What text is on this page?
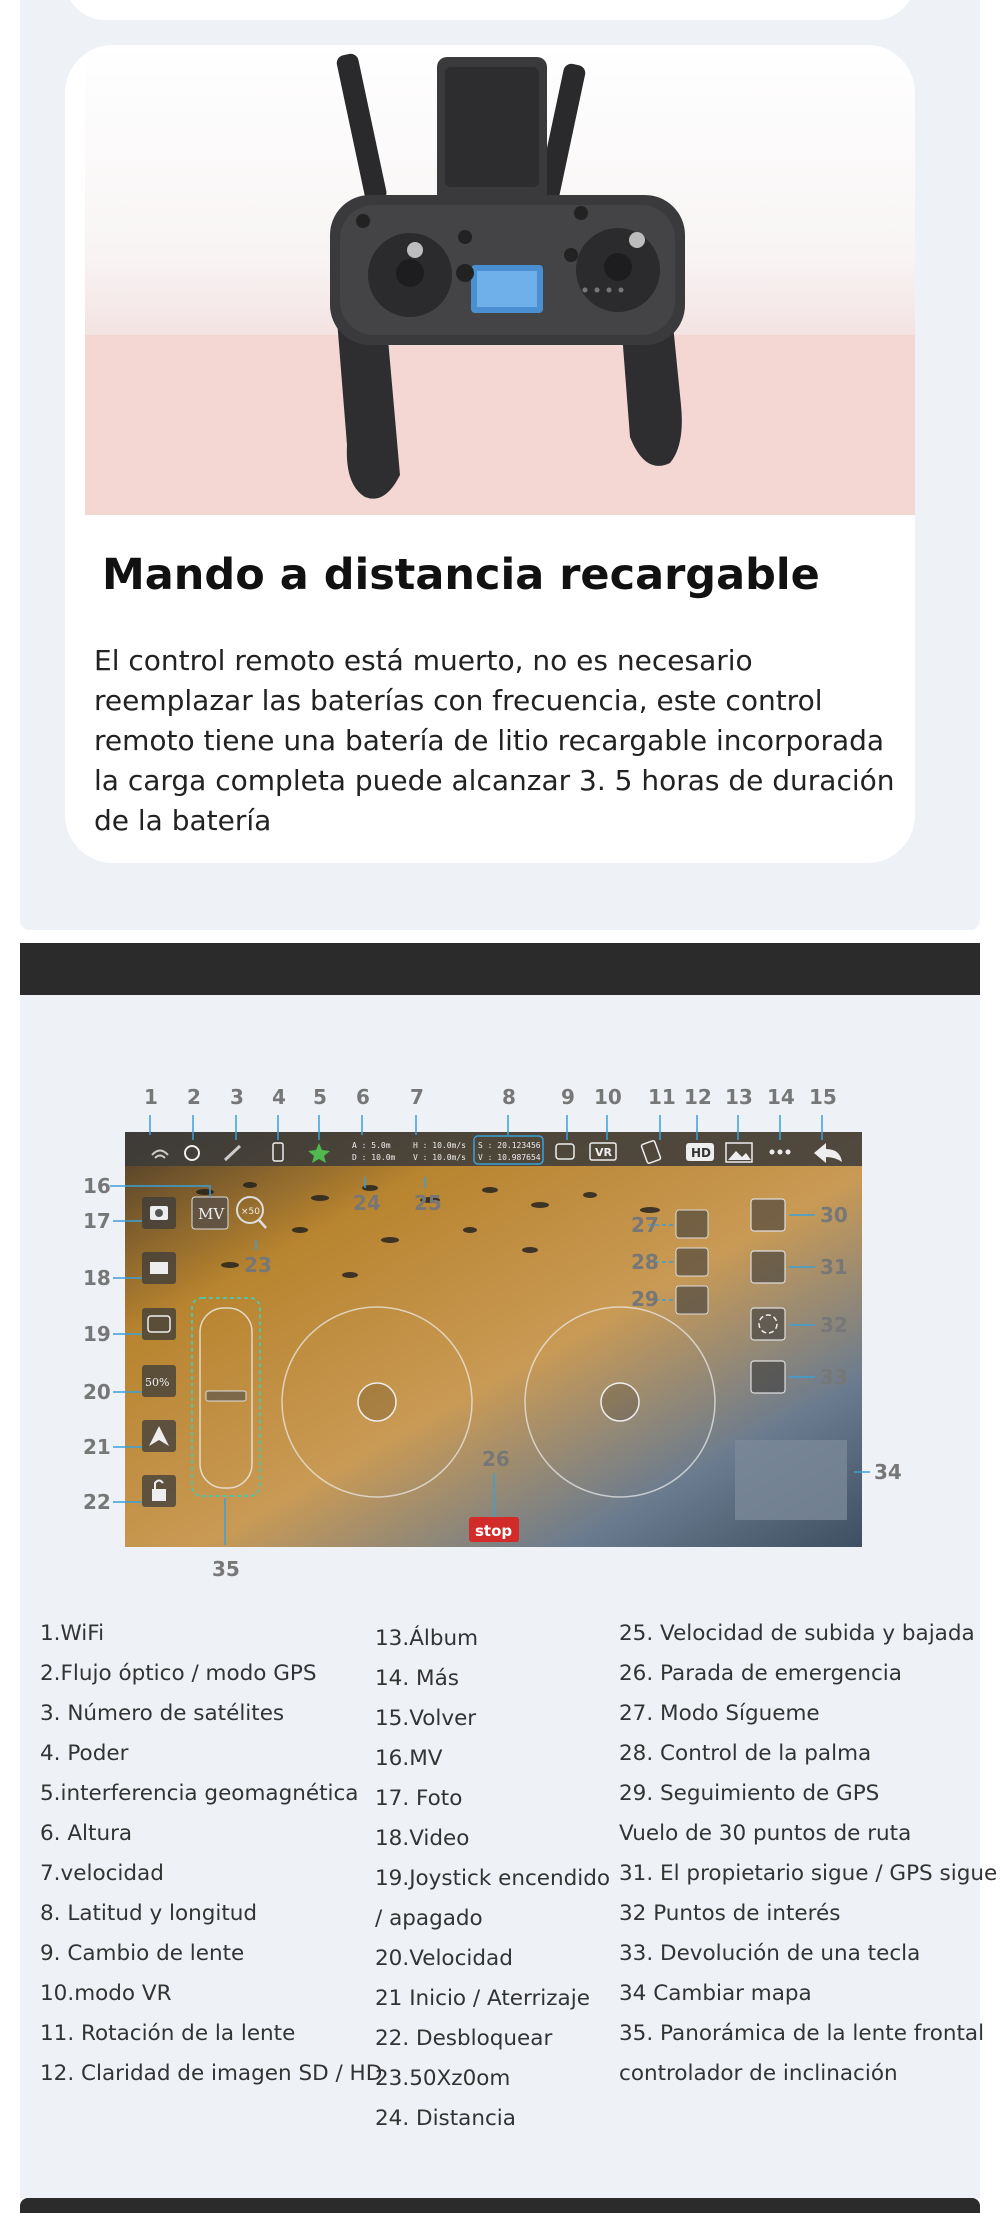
Mando a distancia recargable

El control remoto está muerto, no es necesario
reemplazar las baterías con frecuencia, este control
remoto tiene una batería de litio recargable incorporada
la carga completa puede alcanzar 3. 5 horas de duración
de la batería

A : 5.0m
D : 10.0m
H : 10.0m/s
V : 10.0m/s
S : 20.123456
V : 10.987654	VR	HD
MV ×50
50%
stop
1 2 3 4 5 6 7	8 9 10 11 12 13 14 15
16
17
18
19
20
21
22
23
24 25
26
27
28
29
30
31
32
33
34
35
1.WiFi
2.Flujo óptico / modo GPS
3. Número de satélites
4. Poder
5.interferencia geomagnética
6. Altura
7.velocidad
8. Latitud y longitud
9. Cambio de lente
10.modo VR
11. Rotación de la lente
12. Claridad de imagen SD / HD
13.Álbum
14. Más
15.Volver
16.MV
17. Foto
18.Video
19.Joystick encendido
/ apagado
20.Velocidad
21 Inicio / Aterrizaje
22. Desbloquear
23.50Xz0om
24. Distancia
25. Velocidad de subida y bajada
26. Parada de emergencia
27. Modo Sígueme
28. Control de la palma
29. Seguimiento de GPS
Vuelo de 30 puntos de ruta
31. El propietario sigue / GPS sigue
32 Puntos de interés
33. Devolución de una tecla
34 Cambiar mapa
35. Panorámica de la lente frontal
controlador de inclinación
